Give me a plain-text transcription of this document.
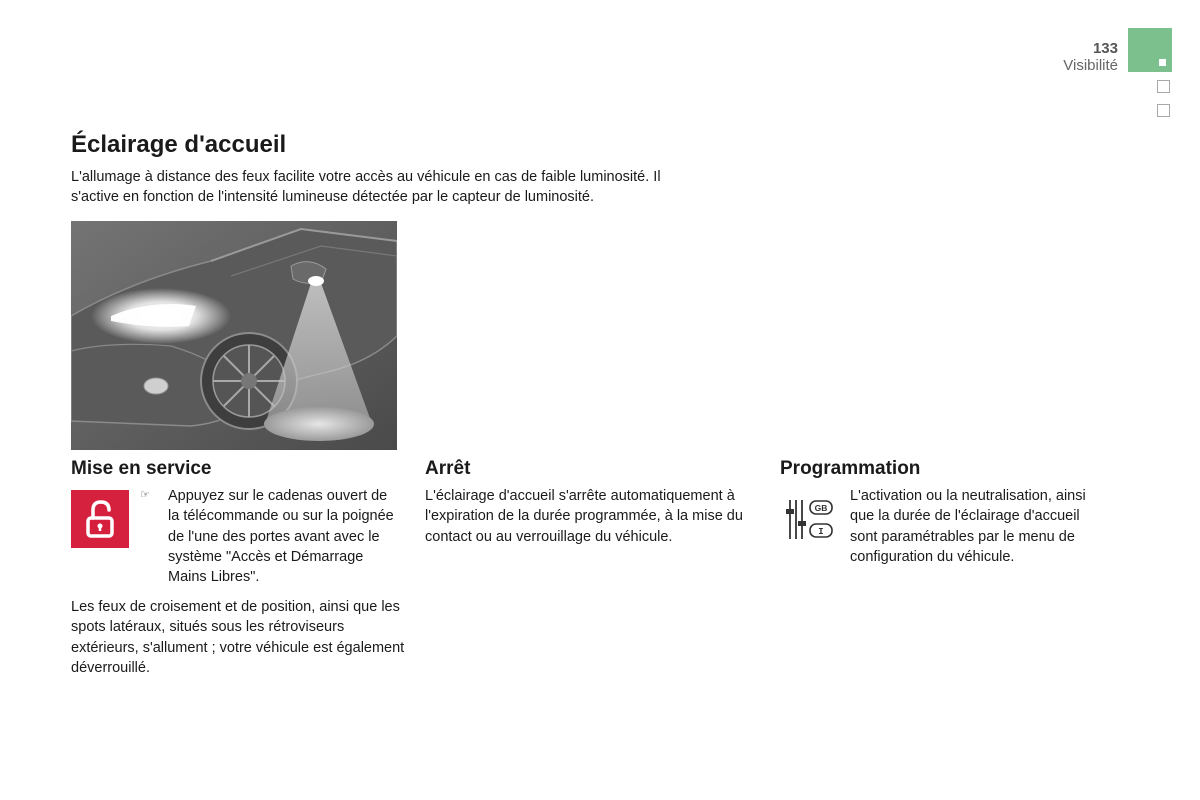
133
Visibilité
Éclairage d'accueil
L'allumage à distance des feux facilite votre accès au véhicule en cas de faible luminosité. Il s'active en fonction de l'intensité lumineuse détectée par le capteur de luminosité.
Mise en service
☞ Appuyez sur le cadenas ouvert de la télécommande ou sur la poignée de l'une des portes avant avec le système "Accès et Démarrage Mains Libres".
Les feux de croisement et de position, ainsi que les spots latéraux, situés sous les rétroviseurs extérieurs, s'allument ; votre véhicule est également déverrouillé.
Arrêt
L'éclairage d'accueil s'arrête automatiquement à l'expiration de la durée programmée, à la mise du contact ou au verrouillage du véhicule.
Programmation
GB
I
L'activation ou la neutralisation, ainsi que la durée de l'éclairage d'accueil sont paramétrables par le menu de configuration du véhicule.
